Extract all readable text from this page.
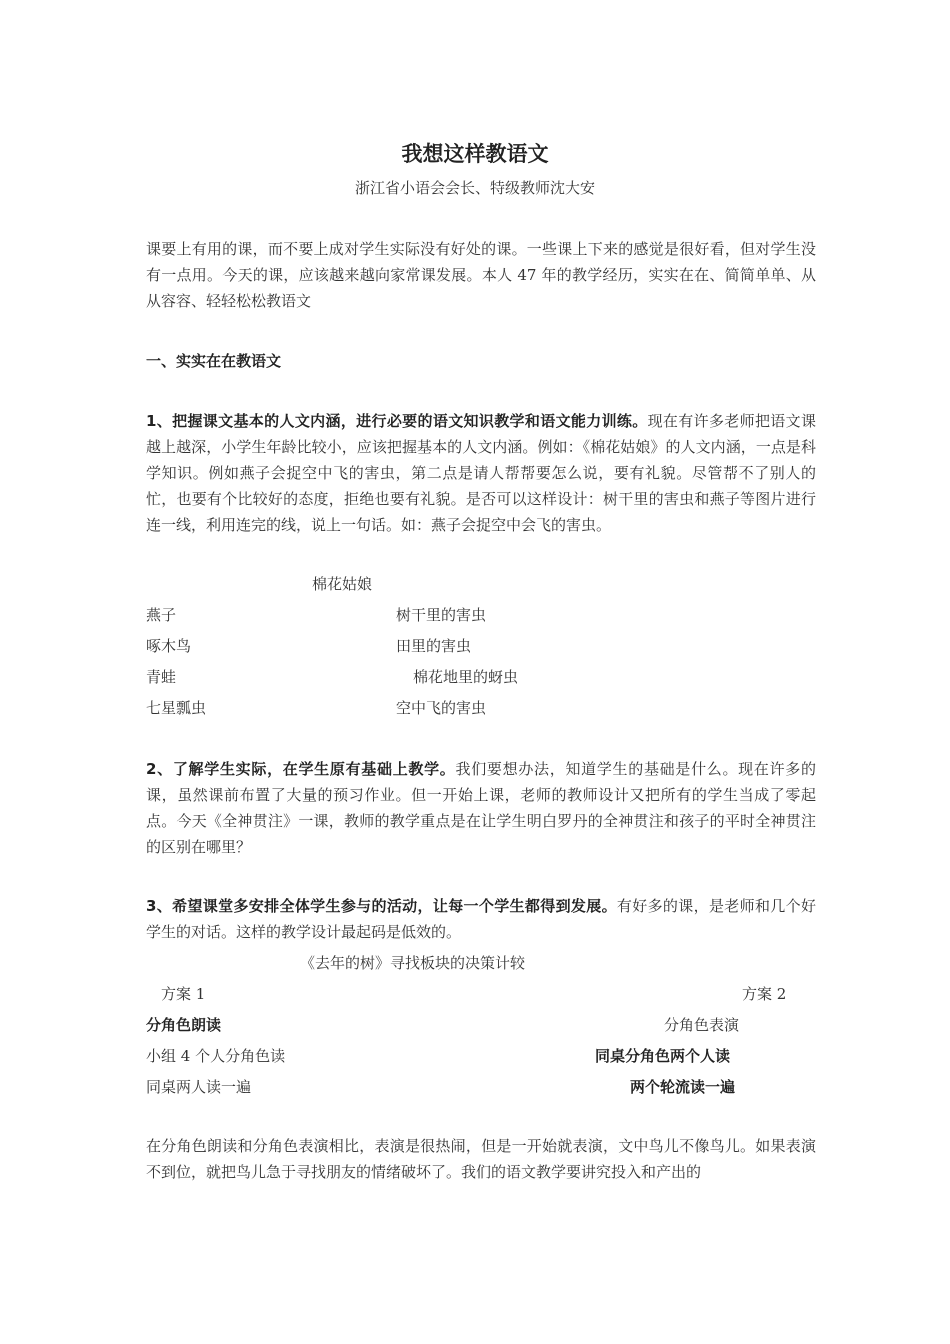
我想这样教语文
浙江省小语会会长、特级教师沈大安

课要上有用的课，而不要上成对学生实际没有好处的课。一些课上下来的感觉是很好看，但对学生没有一点用。今天的课，应该越来越向家常课发展。本人 47 年的教学经历，实实在在、简简单单、从从容容、轻轻松松教语文

一、实实在在教语文

1、把握课文基本的人文内涵，进行必要的语文知识教学和语文能力训练。现在有许多老师把语文课越上越深，小学生年龄比较小，应该把握基本的人文内涵。例如：《棉花姑娘》的人文内涵，一点是科学知识。例如燕子会捉空中飞的害虫，第二点是请人帮帮要怎么说，要有礼貌。尽管帮不了别人的忙，也要有个比较好的态度，拒绝也要有礼貌。是否可以这样设计：树干里的害虫和燕子等图片进行连一线，利用连完的线，说上一句话。如：燕子会捉空中会飞的害虫。

棉花姑娘
燕子
啄木鸟
青蛙
七星瓢虫
树干里的害虫
田里的害虫
棉花地里的蚜虫
空中飞的害虫

2、了解学生实际，在学生原有基础上教学。我们要想办法，知道学生的基础是什么。现在许多的课，虽然课前布置了大量的预习作业。但一开始上课，老师的教师设计又把所有的学生当成了零起点。今天《全神贯注》一课，教师的教学重点是在让学生明白罗丹的全神贯注和孩子的平时全神贯注的区别在哪里？

3、希望课堂多安排全体学生参与的活动，让每一个学生都得到发展。有好多的课，是老师和几个好学生的对话。这样的教学设计最起码是低效的。

《去年的树》寻找板块的决策计较
方案 1	方案 2
分角色朗读
小组 4 个人分角色读
同桌两人读一遍
分角色表演
同桌分角色两个人读
两个轮流读一遍

在分角色朗读和分角色表演相比，表演是很热闹，但是一开始就表演，文中鸟儿不像鸟儿。如果表演不到位，就把鸟儿急于寻找朋友的情绪破坏了。我们的语文教学要讲究投入和产出的
